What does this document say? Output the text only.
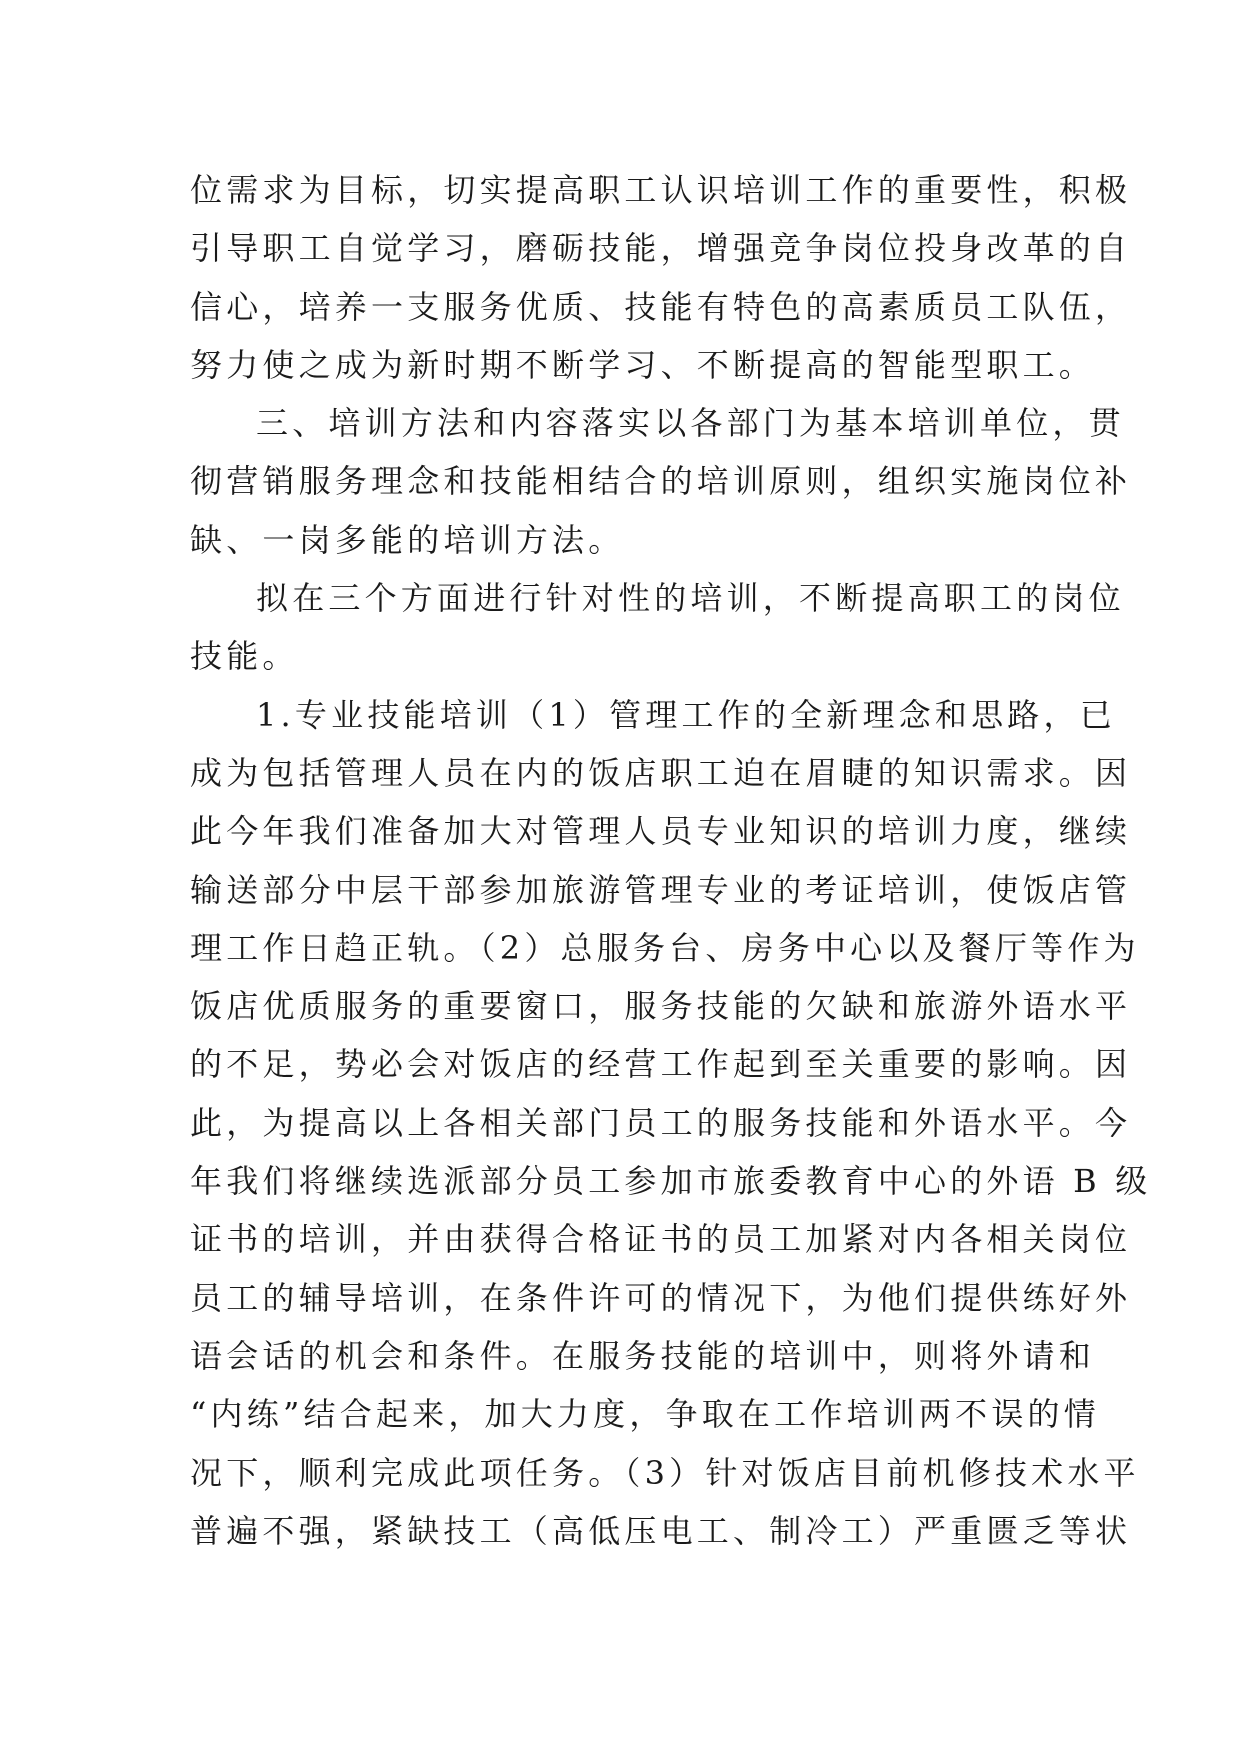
位需求为目标，切实提高职工认识培训工作的重要性，积极
引导职工自觉学习，磨砺技能，增强竞争岗位投身改革的自
信心，培养一支服务优质、技能有特色的高素质员工队伍，
努力使之成为新时期不断学习、不断提高的智能型职工。
三、培训方法和内容落实以各部门为基本培训单位，贯
彻营销服务理念和技能相结合的培训原则，组织实施岗位补
缺、一岗多能的培训方法。
拟在三个方面进行针对性的培训，不断提高职工的岗位
技能。
1.专业技能培训（1）管理工作的全新理念和思路，已
成为包括管理人员在内的饭店职工迫在眉睫的知识需求。因
此今年我们准备加大对管理人员专业知识的培训力度，继续
输送部分中层干部参加旅游管理专业的考证培训，使饭店管
理工作日趋正轨。（2）总服务台、房务中心以及餐厅等作为
饭店优质服务的重要窗口，服务技能的欠缺和旅游外语水平
的不足，势必会对饭店的经营工作起到至关重要的影响。因
此，为提高以上各相关部门员工的服务技能和外语水平。今
年我们将继续选派部分员工参加市旅委教育中心的外语 B 级
证书的培训，并由获得合格证书的员工加紧对内各相关岗位
员工的辅导培训，在条件许可的情况下，为他们提供练好外
语会话的机会和条件。在服务技能的培训中，则将外请和
“内练”结合起来，加大力度，争取在工作培训两不误的情
况下，顺利完成此项任务。（3）针对饭店目前机修技术水平
普遍不强，紧缺技工（高低压电工、制冷工）严重匮乏等状
